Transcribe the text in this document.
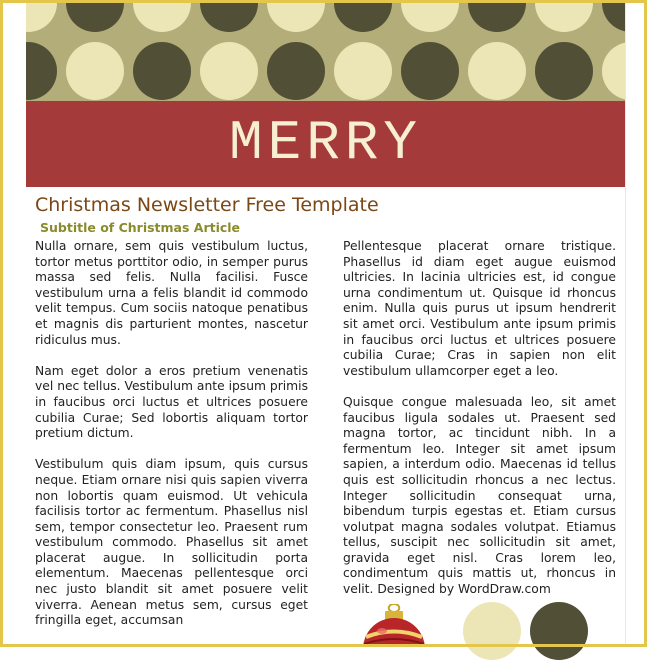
MERRY
Christmas Newsletter Free Template
Subtitle of Christmas Article

Nulla ornare, sem quis vestibulum luctus, tortor metus porttitor odio, in semper purus massa sed felis. Nulla facilisi. Fusce vestibulum urna a felis blandit id commodo velit tempus. Cum sociis natoque penatibus et magnis dis parturient montes, nascetur ridiculus mus.

Nam eget dolor a eros pretium venenatis vel nec tellus. Vestibulum ante ipsum primis in faucibus orci luctus et ultrices posuere cubilia Curae; Sed lobortis aliquam tortor pretium dictum.

Vestibulum quis diam ipsum, quis cursus neque. Etiam ornare nisi quis sapien viverra non lobortis quam euismod. Ut vehicula facilisis tortor ac fermentum. Phasellus nisl sem, tempor consectetur leo. Praesent rum vestibulum commodo. Phasellus sit amet placerat augue. In sollicitudin porta elementum. Maecenas pellentesque orci nec justo blandit sit amet posuere velit viverra. Aenean metus sem, cursus eget fringilla eget, accumsan

Pellentesque placerat ornare tristique. Phasellus id diam eget augue euismod ultricies. In lacinia ultricies est, id congue urna condimentum ut. Quisque id rhoncus enim. Nulla quis purus ut ipsum hendrerit sit amet orci. Vestibulum ante ipsum primis in faucibus orci luctus et ultrices posuere cubilia Curae; Cras in sapien non elit vestibulum ullamcorper eget a leo.

Quisque congue malesuada leo, sit amet faucibus ligula sodales ut. Praesent sed magna tortor, ac tincidunt nibh. In a fermentum leo. Integer sit amet ipsum sapien, a interdum odio. Maecenas id tellus quis est sollicitudin rhoncus a nec lectus. Integer sollicitudin consequat urna, bibendum turpis egestas et. Etiam cursus volutpat magna sodales volutpat. Etiamus tellus, suscipit nec sollicitudin sit amet, gravida eget nisl. Cras lorem leo, condimentum quis mattis ut, rhoncus in velit. Designed by WordDraw.com
